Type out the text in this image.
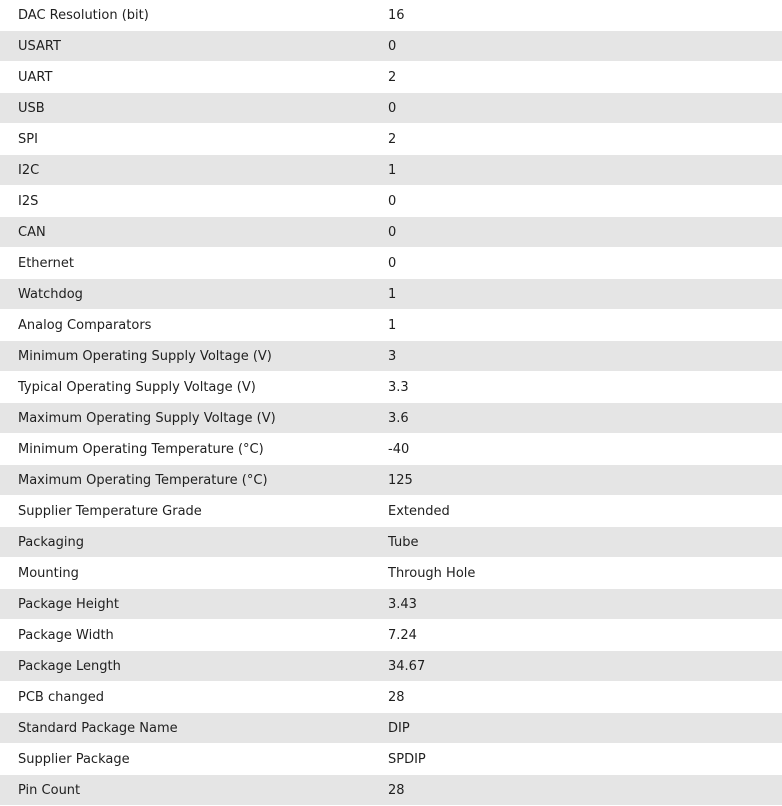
DAC Resolution (bit)	16
USART	0
UART	2
USB	0
SPI	2
I2C	1
I2S	0
CAN	0
Ethernet	0
Watchdog	1
Analog Comparators	1
Minimum Operating Supply Voltage (V)	3
Typical Operating Supply Voltage (V)	3.3
Maximum Operating Supply Voltage (V)	3.6
Minimum Operating Temperature (°C)	-40
Maximum Operating Temperature (°C)	125
Supplier Temperature Grade	Extended
Packaging	Tube
Mounting	Through Hole
Package Height	3.43
Package Width	7.24
Package Length	34.67
PCB changed	28
Standard Package Name	DIP
Supplier Package	SPDIP
Pin Count	28
